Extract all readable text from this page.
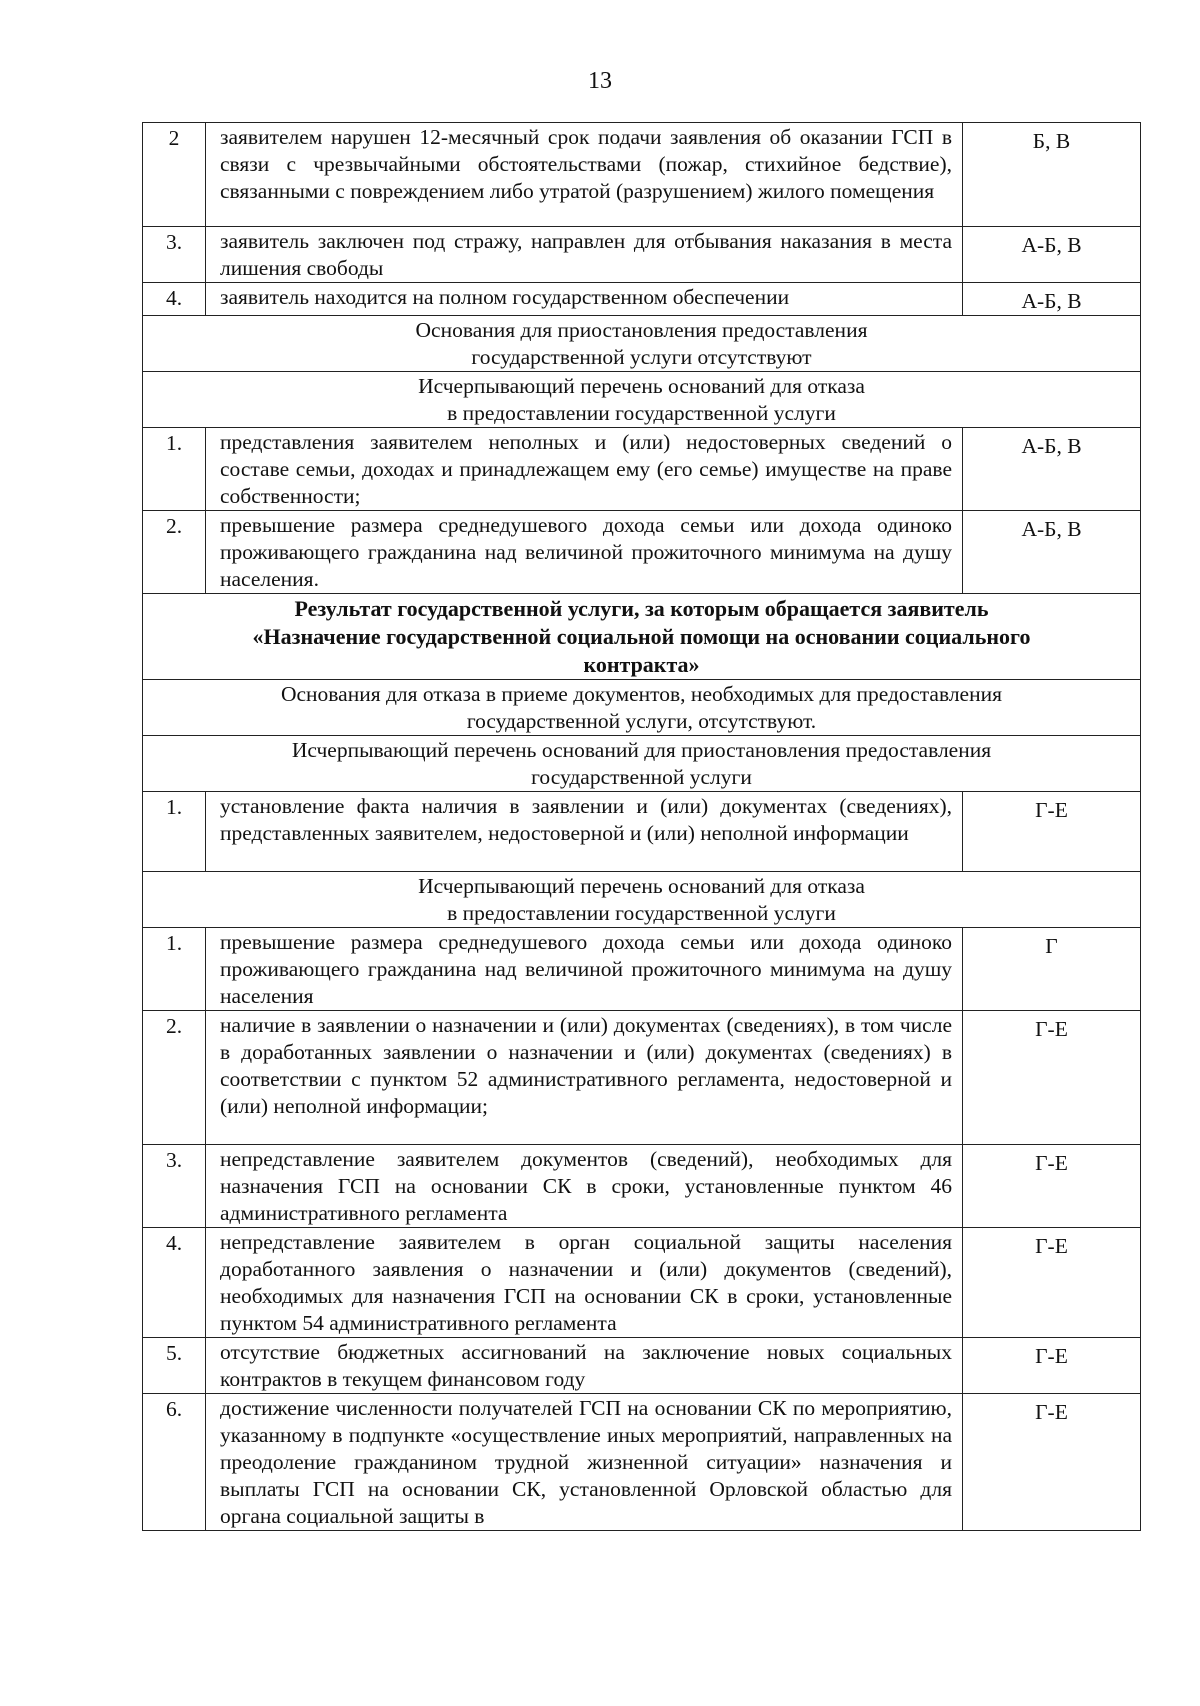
13
2	заявителем нарушен 12-месячный срок подачи заявления об оказании ГСП в связи с чрезвычайными обстоятельствами (пожар, стихийное бедствие), связанными с повреждением либо утратой (разрушением) жилого помещения	Б, В
3.	заявитель заключен под стражу, направлен для отбывания наказания в места лишения свободы	А-Б, В
4.	заявитель находится на полном государственном обеспечении	А-Б, В

Основания для приостановления предоставления
государственной услуги отсутствуют		

Исчерпывающий перечень оснований для отказа
в предоставлении государственной услуги		

1.	представления заявителем неполных и (или) недостоверных сведений о составе семьи, доходах и принадлежащем ему (его семье) имуществе на праве собственности;	А-Б, В
2.	превышение размера среднедушевого дохода семьи или дохода одиноко проживающего гражданина над величиной прожиточного минимума на душу населения.	А-Б, В

Результат государственной услуги, за которым обращается заявитель
«Назначение государственной социальной помощи на основании социального
контракта»		

Основания для отказа в приеме документов, необходимых для предоставления
государственной услуги, отсутствуют.		

Исчерпывающий перечень оснований для приостановления предоставления
государственной услуги		

1.	установление факта наличия в заявлении и (или) документах (сведениях), представленных заявителем, недостоверной и (или) неполной информации	Г-Е

Исчерпывающий перечень оснований для отказа
в предоставлении государственной услуги		

1.	превышение размера среднедушевого дохода семьи или дохода одиноко проживающего гражданина над величиной прожиточного минимума на душу населения	Г
2.	наличие в заявлении о назначении и (или) документах (сведениях), в том числе в доработанных заявлении о назначении и (или) документах (сведениях) в соответствии с пунктом 52 административного регламента, недостоверной и (или) неполной информации;	Г-Е
3.	непредставление заявителем документов (сведений), необходимых для назначения ГСП на основании СК в сроки, установленные пунктом 46 административного регламента	Г-Е
4.	непредставление заявителем в орган социальной защиты населения доработанного заявления о назначении и (или) документов (сведений), необходимых для назначения ГСП на основании СК в сроки, установленные пунктом 54 административного регламента	Г-Е
5.	отсутствие бюджетных ассигнований на заключение новых социальных контрактов в текущем финансовом году	Г-Е
6.	достижение численности получателей ГСП на основании СК по мероприятию, указанному в подпункте «осуществление иных мероприятий, направленных на преодоление гражданином трудной жизненной ситуации» назначения и выплаты ГСП на основании СК, установленной Орловской областью для органа социальной защиты в	Г-Е
